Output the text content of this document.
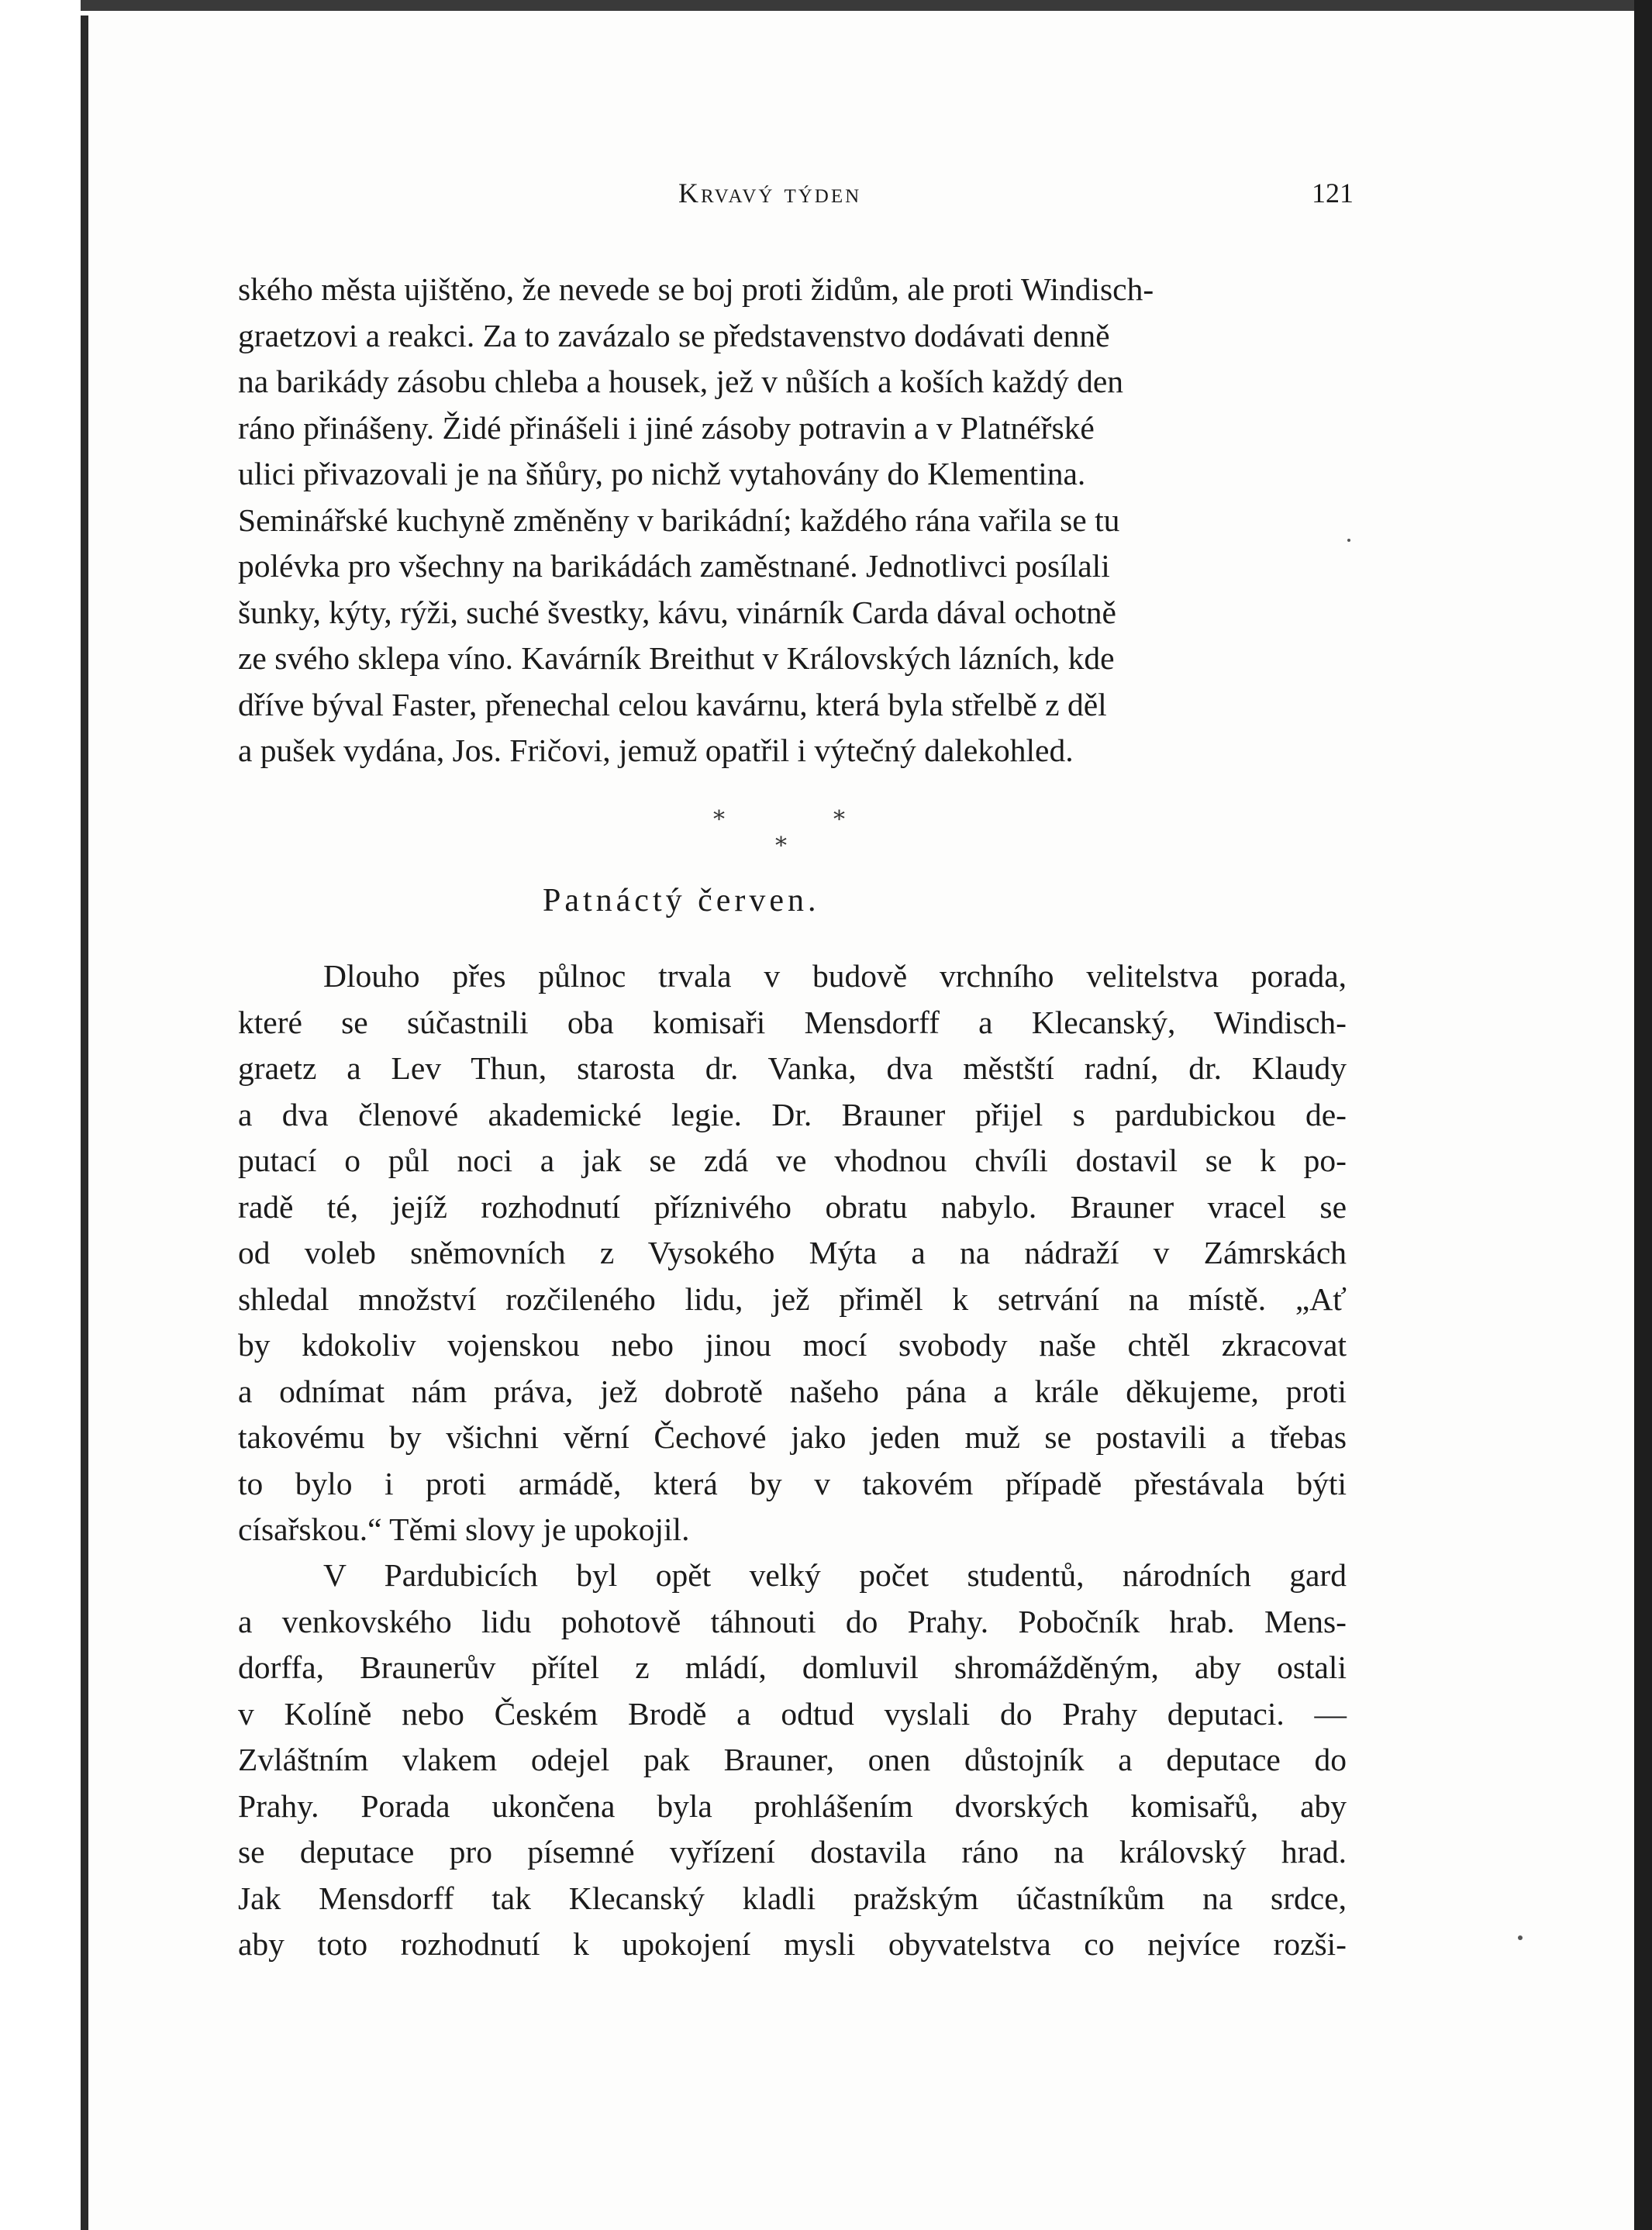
Krvavý týden	121
ského města ujištěno, že nevede se boj proti židům, ale proti Windisch-
graetzovi a reakci. Za to zavázalo se představenstvo dodávati denně
na barikády zásobu chleba a housek, jež v nůších a koších každý den
ráno přinášeny. Židé přinášeli i jiné zásoby potravin a v Platnéřské
ulici přivazovali je na šňůry, po nichž vytahovány do Klementina.
Seminářské kuchyně změněny v barikádní; každého rána vařila se tu
polévka pro všechny na barikádách zaměstnané. Jednotlivci posílali
šunky, kýty, rýži, suché švestky, kávu, vinárník Carda dával ochotně
ze svého sklepa víno. Kavárník Breithut v Královských lázních, kde
dříve býval Faster, přenechal celou kavárnu, která byla střelbě z děl
a pušek vydána, Jos. Fričovi, jemuž opatřil i výtečný dalekohled.
*	*
*
Patnáctý červen.
Dlouho přes půlnoc trvala v budově vrchního velitelstva porada,
které se súčastnili oba komisaři Mensdorff a Klecanský, Windisch-
graetz a Lev Thun, starosta dr. Vanka, dva městští radní, dr. Klaudy
a dva členové akademické legie. Dr. Brauner přijel s pardubickou de-
putací o půl noci a jak se zdá ve vhodnou chvíli dostavil se k po-
radě té, jejíž rozhodnutí příznivého obratu nabylo. Brauner vracel se
od voleb sněmovních z Vysokého Mýta a na nádraží v Zámrskách
shledal množství rozčileného lidu, jež přiměl k setrvání na místě. „Ať
by kdokoliv vojenskou nebo jinou mocí svobody naše chtěl zkracovat
a odnímat nám práva, jež dobrotě našeho pána a krále děkujeme, proti
takovému by všichni věrní Čechové jako jeden muž se postavili a třebas
to bylo i proti armádě, která by v takovém případě přestávala býti
císařskou.“ Těmi slovy je upokojil.
V Pardubicích byl opět velký počet studentů, národních gard
a venkovského lidu pohotově táhnouti do Prahy. Pobočník hrab. Mens-
dorffa, Braunerův přítel z mládí, domluvil shromážděným, aby ostali
v Kolíně nebo Českém Brodě a odtud vyslali do Prahy deputaci. —
Zvláštním vlakem odejel pak Brauner, onen důstojník a deputace do
Prahy. Porada ukončena byla prohlášením dvorských komisařů, aby
se deputace pro písemné vyřízení dostavila ráno na královský hrad.
Jak Mensdorff tak Klecanský kladli pražským účastníkům na srdce,
aby toto rozhodnutí k upokojení mysli obyvatelstva co nejvíce rozši-
